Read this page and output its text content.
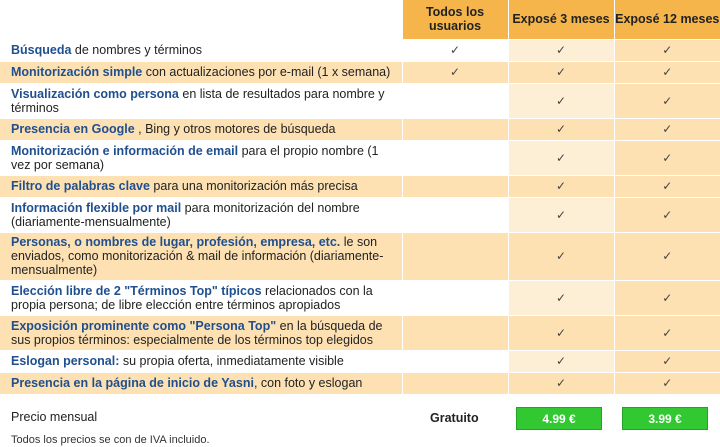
	Todos los usuarios	Exposé 3 meses	Exposé 12 meses
Búsqueda de nombres y términos	✓	✓	✓
Monitorización simple con actualizaciones por e-mail (1 x semana)	✓	✓	✓
Visualización como persona en lista de resultados para nombre y términos		✓	✓
Presencia en Google , Bing y otros motores de búsqueda		✓	✓
Monitorización e información de email para el propio nombre (1 vez por semana)		✓	✓
Filtro de palabras clave para una monitorización más precisa		✓	✓
Información flexible por mail para monitorización del nombre (diariamente-mensualmente)		✓	✓
Personas, o nombres de lugar, profesión, empresa, etc. le son enviados, como monitorización & mail de información (diariamente-mensualmente)		✓	✓
Elección libre de 2 "Términos Top" típicos relacionados con la propia persona; de libre elección entre términos apropiados		✓	✓
Exposición prominente como "Persona Top" en la búsqueda de sus propios términos: especialmente de los términos top elegidos		✓	✓
Eslogan personal: su propia oferta, inmediatamente visible		✓	✓
Presencia en la página de inicio de Yasni, con foto y eslogan		✓	✓
Precio mensual	Gratuito	4.99 €	3.99 €
Todos los precios se con de IVA incluido.
